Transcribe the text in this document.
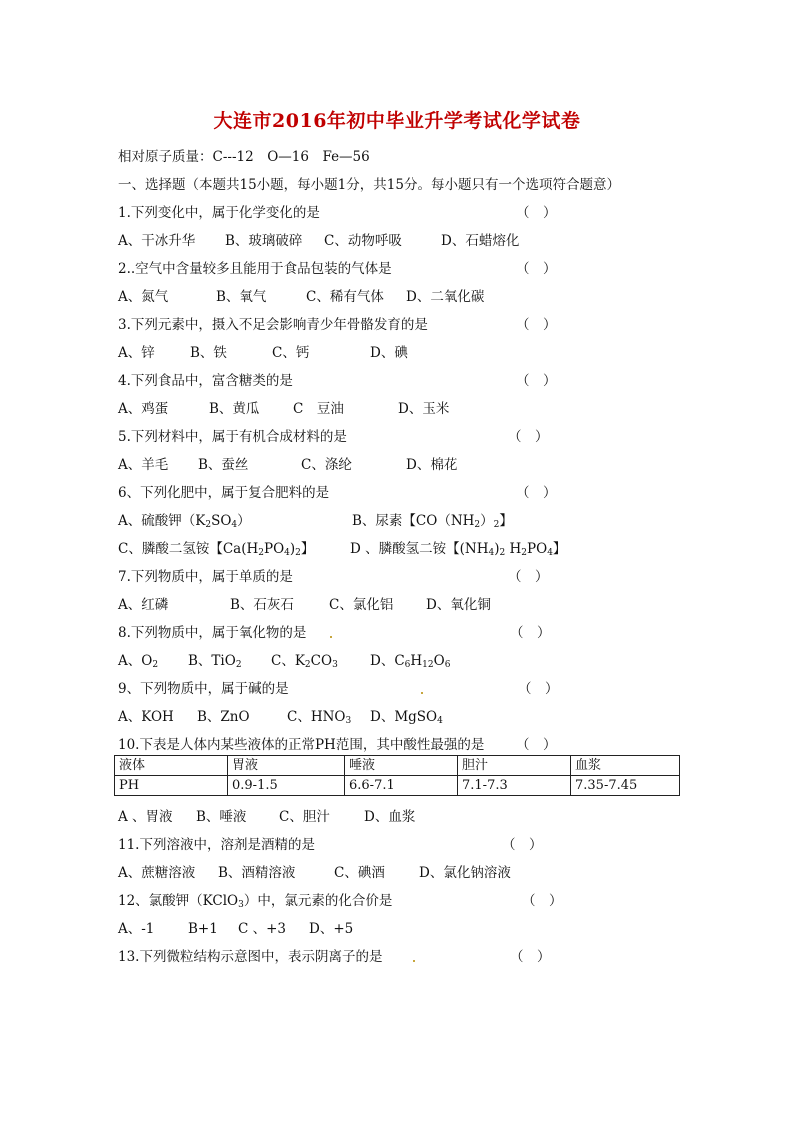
大连市2016年初中毕业升学考试化学试卷
相对原子质量：C---12　O—16　Fe—56
一、选择题（本题共15小题，每小题1分，共15分。每小题只有一个选项符合题意）
1.下列变化中，属于化学变化的是	（　）
A、干冰升华 B、玻璃破碎 C、动物呼吸	D、石蜡熔化
2..空气中含量较多且能用于食品包装的气体是	（　）
A、氮气	B、氧气	C、稀有气体 D、二氧化碳
3.下列元素中，摄入不足会影响青少年骨骼发育的是	（　）
A、锌	B、铁	C、钙	D、碘
4.下列食品中，富含糖类的是	（　）
A、鸡蛋	B、黄瓜 C　豆油	D、玉米
5.下列材料中，属于有机合成材料的是	（　）
A、羊毛 B、蚕丝	C、涤纶	D、棉花
6、下列化肥中，属于复合肥料的是	（　）
A、硫酸钾$(K_2SO_4)$	B、尿素【$CO(NH_2)_2$】
C、膦酸二氢铵【$Ca(H_2PO_4)_2$】	D 、膦酸氢二铵【$(NH_4)_2$ $H_2PO_4$】
7.下列物质中，属于单质的是	（　）
A、红磷	B、石灰石	C、氯化铝 D、氧化铜
8.下列物质中，属于氧化物的是	（　）
A、$O_2$ B、TiO$_2$ C、$K_2CO_3$ D、$C_6H_{12}O_6$
9、下列物质中，属于碱的是	（　）
A、KOH B、ZnO	C、$HNO_3$ D、MgSO$_4$
10.下表是人体内某些液体的正常PH范围，其中酸性最强的是 （　）
液体	胃液	唾液	胆汁	血浆
PH	0.9-1.5	6.6-7.1	7.1-7.3	7.35-7.45
A 、胃液 B、唾液 C、胆汁	D、血浆
11.下列溶液中，溶剂是酒精的是	（　）
A、蔗糖溶液 B、酒精溶液	C、碘酒	D、氯化钠溶液
12、氯酸钾（KClO$_3$）中，氯元素的化合价是	（　）
A、-1 B+1 C 、+3 D、+5
13.下列微粒结构示意图中，表示阴离子的是	（　）
